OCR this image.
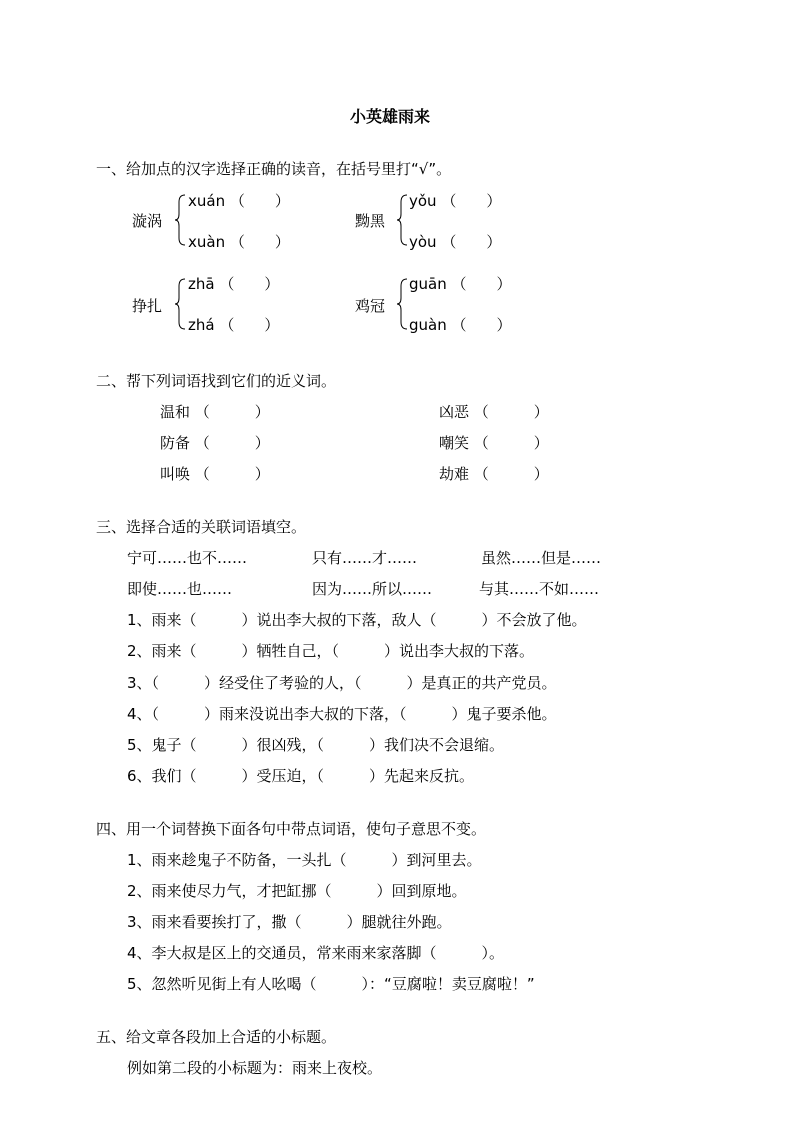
小英雄雨来
一、给加点的汉字选择正确的读音，在括号里打“√”。
漩涡
xuán （　　）
xuàn （　　）
黝黑
yǒu （　　）
yòu （　　）
挣扎
zhā （　　）
zhá （　　）
鸡冠
guān （　　）
guàn （　　）
二、帮下列词语找到它们的近义词。
温和 （　　　）	凶恶 （　　　）
防备 （　　　）	嘲笑 （　　　）
叫唤 （　　　）	劫难 （　　　）
三、选择合适的关联词语填空。
宁可……也不……	只有……才……	虽然……但是……
即使……也……	因为……所以……	与其……不如……
1、雨来（　　　）说出李大叔的下落，敌人（　　　）不会放了他。
2、雨来（　　　）牺牲自己，（　　　）说出李大叔的下落。
3、（　　　）经受住了考验的人，（　　　）是真正的共产党员。
4、（　　　）雨来没说出李大叔的下落，（　　　）鬼子要杀他。
5、鬼子（　　　）很凶残，（　　　）我们决不会退缩。
6、我们（　　　）受压迫，（　　　）先起来反抗。
四、用一个词替换下面各句中带点词语，使句子意思不变。
1、雨来趁鬼子不防备，一头扎（　　　）到河里去。
2、雨来使尽力气，才把缸挪（　　　）回到原地。
3、雨来看要挨打了，撒（　　　）腿就往外跑。
4、李大叔是区上的交通员，常来雨来家落脚（　　　）。
5、忽然听见街上有人吆喝（　　　）：“豆腐啦！卖豆腐啦！”
五、给文章各段加上合适的小标题。
例如第二段的小标题为：雨来上夜校。
